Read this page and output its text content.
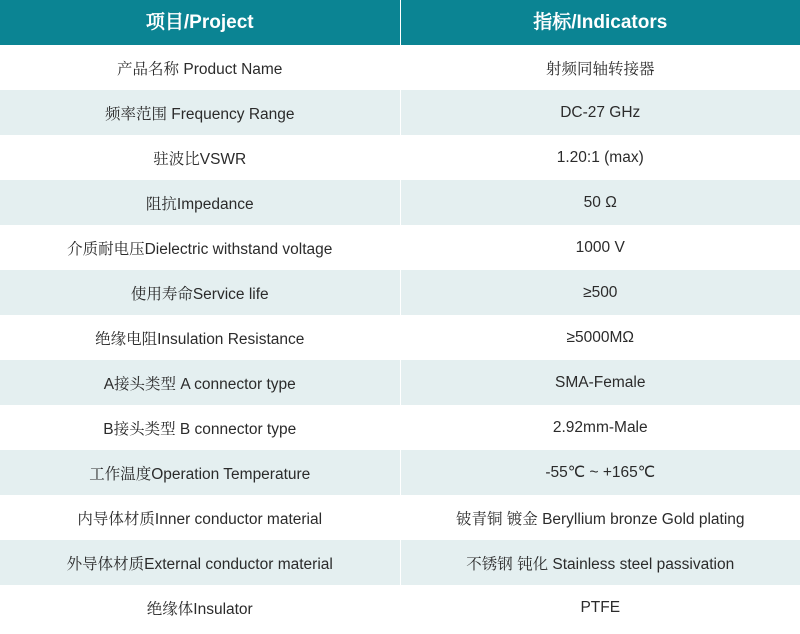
项目/Project	指标/Indicators
产品名称 Product Name	射频同轴转接器
频率范围 Frequency Range	DC-27 GHz
驻波比VSWR	1.20:1 (max)
阻抗Impedance	50 Ω
介质耐电压Dielectric withstand voltage	1000 V
使用寿命Service life	≥500
绝缘电阻Insulation Resistance	≥5000MΩ
A接头类型 A connector type	SMA-Female
B接头类型 B connector type	2.92mm-Male
工作温度Operation Temperature	-55℃ ~ +165℃
内导体材质Inner conductor material	铍青铜 镀金 Beryllium bronze Gold plating
外导体材质External conductor material	不锈钢 钝化 Stainless steel passivation
绝缘体Insulator	PTFE
